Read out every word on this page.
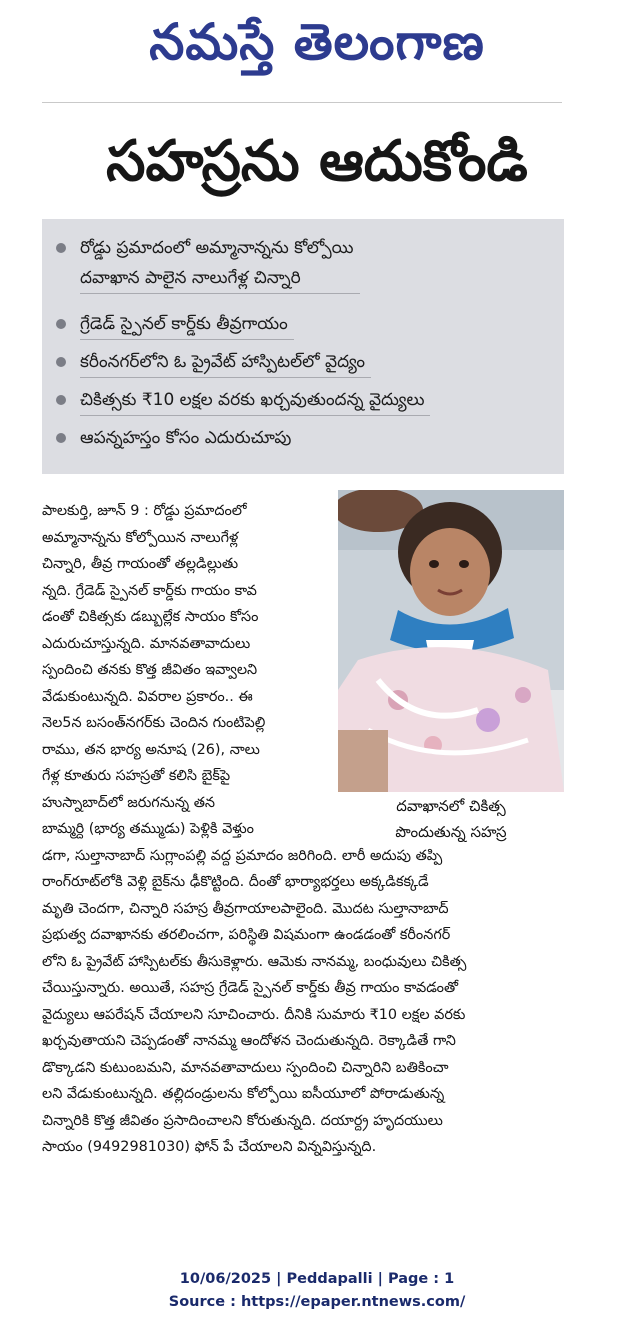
నమస్తే తెలంగాణ
సహస్రను ఆదుకోండి
రోడ్డు ప్రమాదంలో అమ్మానాన్నను కోల్పోయి
దవాఖాన పాలైన నాలుగేళ్ల చిన్నారి
గ్రేడెడ్ స్పైనల్ కార్డ్‌కు తీవ్రగాయం
కరీంనగర్‌లోని ఓ ప్రైవేట్ హాస్పిటల్‌లో వైద్యం
చికిత్సకు ₹10 లక్షల వరకు ఖర్చవుతుందన్న వైద్యులు
ఆపన్నహస్తం కోసం ఎదురుచూపు
దవాఖానలో చికిత్స
పొందుతున్న సహస్ర
పాలకుర్తి, జూన్ 9 : రోడ్డు ప్రమాదంలో
అమ్మానాన్నను కోల్పోయిన నాలుగేళ్ల
చిన్నారి, తీవ్ర గాయంతో తల్లడిల్లుతు
న్నది. గ్రేడెడ్ స్పైనల్ కార్డ్‌కు గాయం కావ
డంతో చికిత్సకు డబ్బుల్లేక సాయం కోసం
ఎదురుచూస్తున్నది. మానవతావాదులు
స్పందించి తనకు కొత్త జీవితం ఇవ్వాలని
వేడుకుంటున్నది. వివరాల ప్రకారం.. ఈ
నెల5న బసంత్‌నగర్‌కు చెందిన గుంటిపెల్లి
రాము, తన భార్య అనూష (26), నాలు
గేళ్ల కూతురు సహస్రతో కలిసి బైక్‌పై
హుస్నాబాద్‌లో జరుగనున్న తన
బామ్మర్ది (భార్య తమ్ముడు) పెళ్లికి వెళ్తుం
డగా, సుల్తానాబాద్ సుగ్లాంపల్లి వద్ద ప్రమాదం జరిగింది. లారీ అదుపు తప్పి
రాంగ్‌రూట్‌లోకి వెళ్లి బైక్‌ను ఢీకొట్టింది. దీంతో భార్యాభర్తలు అక్కడికక్కడే
మృతి చెందగా, చిన్నారి సహస్ర తీవ్రగాయాలపాలైంది. మొదట సుల్తానాబాద్
ప్రభుత్వ దవాఖానకు తరలించగా, పరిస్థితి విషమంగా ఉండడంతో కరీంనగర్
లోని ఓ ప్రైవేట్ హాస్పిటల్‌కు తీసుకెళ్లారు. ఆమెకు నానమ్మ, బంధువులు చికిత్స
చేయిస్తున్నారు. అయితే, సహస్ర గ్రేడెడ్ స్పైనల్ కార్డ్‌కు తీవ్ర గాయం కావడంతో
వైద్యులు ఆపరేషన్ చేయాలని సూచించారు. దీనికి సుమారు ₹10 లక్షల వరకు
ఖర్చవుతాయని చెప్పడంతో నానమ్మ ఆందోళన చెందుతున్నది. రెక్కాడితే గాని
డొక్కాడని కుటుంబమని, మానవతావాదులు స్పందించి చిన్నారిని బతికించా
లని వేడుకుంటున్నది. తల్లిదండ్రులను కోల్పోయి ఐసీయూలో పోరాడుతున్న
చిన్నారికి కొత్త జీవితం ప్రసాదించాలని కోరుతున్నది. దయార్ద్ర హృదయులు
సాయం (9492981030) ఫోన్ పే చేయాలని విన్నవిస్తున్నది.
10/06/2025 | Peddapalli | Page : 1
Source : https://epaper.ntnews.com/
